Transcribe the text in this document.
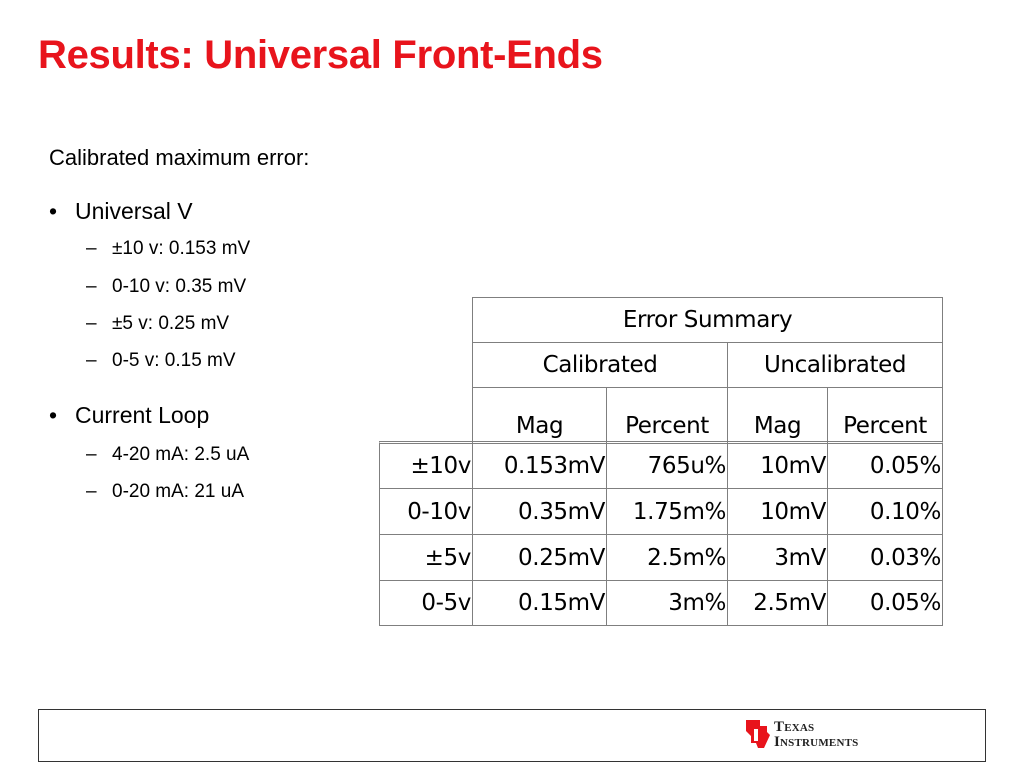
Results: Universal Front-Ends
Calibrated maximum error:
• Universal V
– ±10 v: 0.153 mV
– 0-10 v: 0.35 mV
– ±5 v: 0.25 mV
– 0-5 v: 0.15 mV
• Current Loop
– 4-20 mA: 2.5 uA
– 0-20 mA: 21 uA
Error Summary
Calibrated	Uncalibrated
Mag	Percent	Mag	Percent
±10v	0.153mV	765u%	10mV	0.05%
0-10v	0.35mV	1.75m%	10mV	0.10%
±5v	0.25mV	2.5m%	3mV	0.03%
0-5v	0.15mV	3m%	2.5mV	0.05%
Texas
Instruments
